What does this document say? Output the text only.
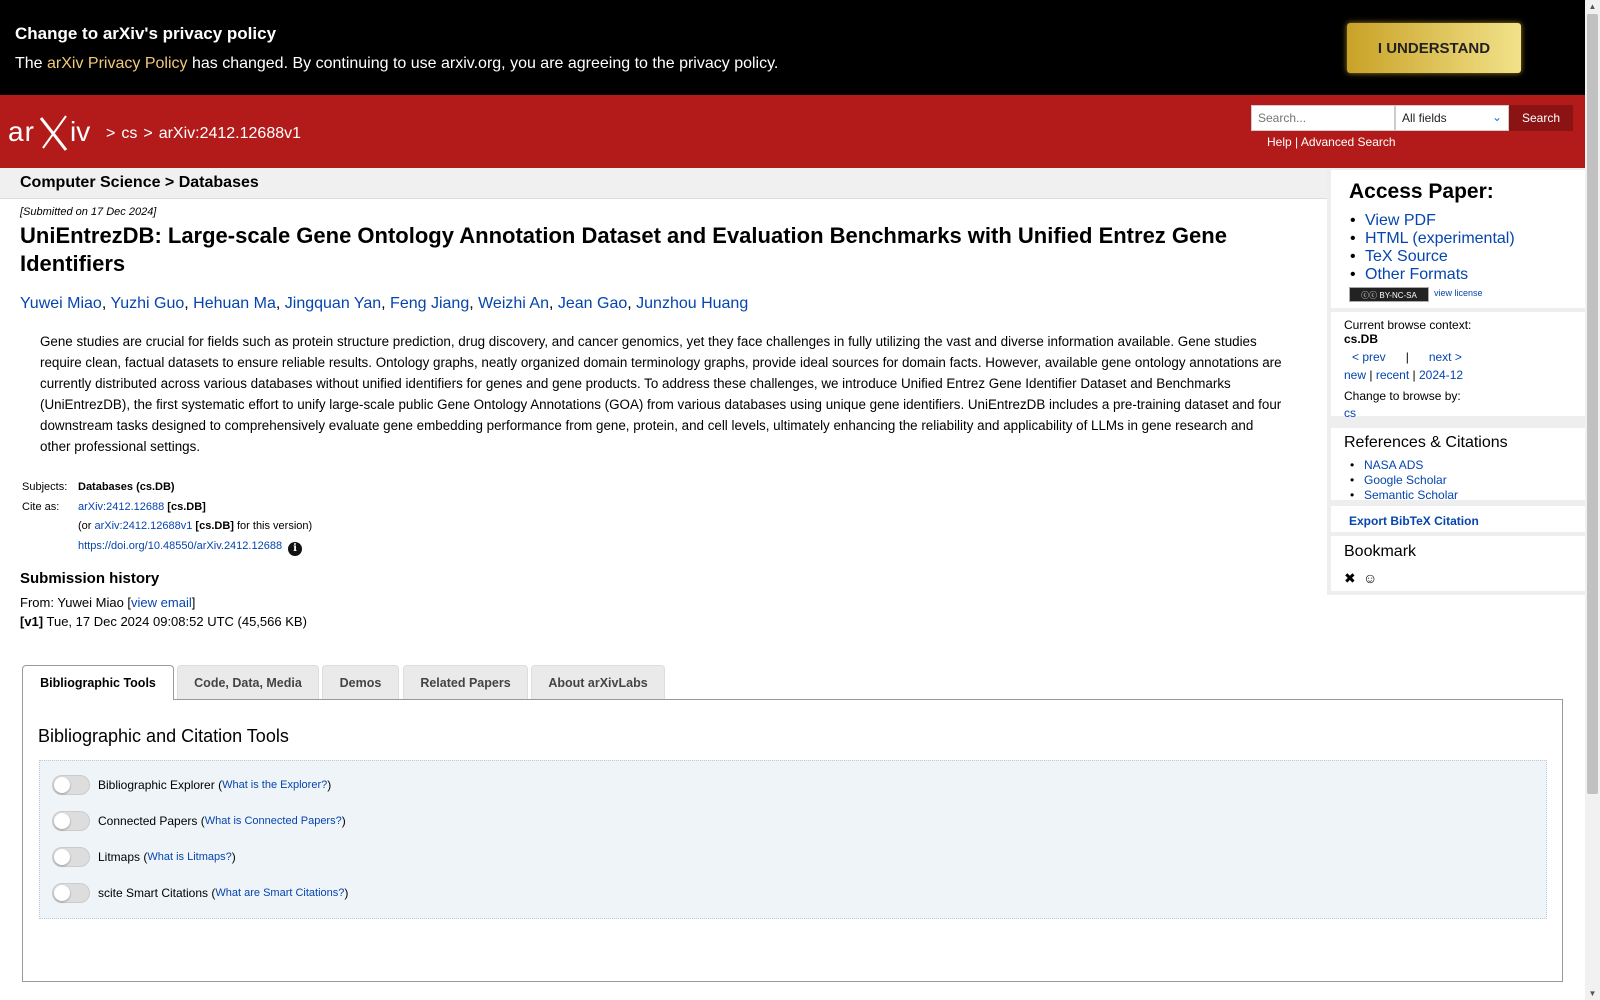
Change to arXiv's privacy policy
The arXiv Privacy Policy has changed. By continuing to use arxiv.org, you are agreeing to the privacy policy.
I UNDERSTAND
ar iv > cs > arXiv:2412.12688v1
Search...
All fields	⌄	Search
Help | Advanced Search
Computer Science > Databases
[Submitted on 17 Dec 2024]
UniEntrezDB: Large-scale Gene Ontology Annotation Dataset and Evaluation Benchmarks with Unified Entrez Gene Identifiers
Yuwei Miao, Yuzhi Guo, Hehuan Ma, Jingquan Yan, Feng Jiang, Weizhi An, Jean Gao, Junzhou Huang
Gene studies are crucial for fields such as protein structure prediction, drug discovery, and cancer genomics, yet they face challenges in fully utilizing the vast and diverse information available. Gene studies require clean, factual datasets to ensure reliable results. Ontology graphs, neatly organized domain terminology graphs, provide ideal sources for domain facts. However, available gene ontology annotations are currently distributed across various databases without unified identifiers for genes and gene products. To address these challenges, we introduce Unified Entrez Gene Identifier Dataset and Benchmarks (UniEntrezDB), the first systematic effort to unify large-scale public Gene Ontology Annotations (GOA) from various databases using unique gene identifiers. UniEntrezDB includes a pre-training dataset and four downstream tasks designed to comprehensively evaluate gene embedding performance from gene, protein, and cell levels, ultimately enhancing the reliability and applicability of LLMs in gene research and other professional settings.
Subjects: Databases (cs.DB)
Cite as:	arXiv:2412.12688 [cs.DB]
(or arXiv:2412.12688v1 [cs.DB] for this version)
https://doi.org/10.48550/arXiv.2412.12688 i
Submission history
From: Yuwei Miao [view email]
[v1] Tue, 17 Dec 2024 09:08:52 UTC (45,566 KB)
Bibliographic Tools	Code, Data, Media	Demos	Related Papers	About arXivLabs
Bibliographic and Citation Tools
Bibliographic Explorer ( What is the Explorer? )
Connected Papers ( What is Connected Papers? )
Litmaps ( What is Litmaps? )
scite Smart Citations ( What are Smart Citations? )
Access Paper:
• View PDF
• HTML (experimental)
• TeX Source
• Other Formats
ⓒⓒ BY-NC-SA	view license
Current browse context:
cs.DB
< prev | next >
new | recent | 2024-12
Change to browse by:
cs
References & Citations
• NASA ADS
• Google Scholar
• Semantic Scholar
Export BibTeX Citation
Bookmark
✖ ☺
▲
▼
